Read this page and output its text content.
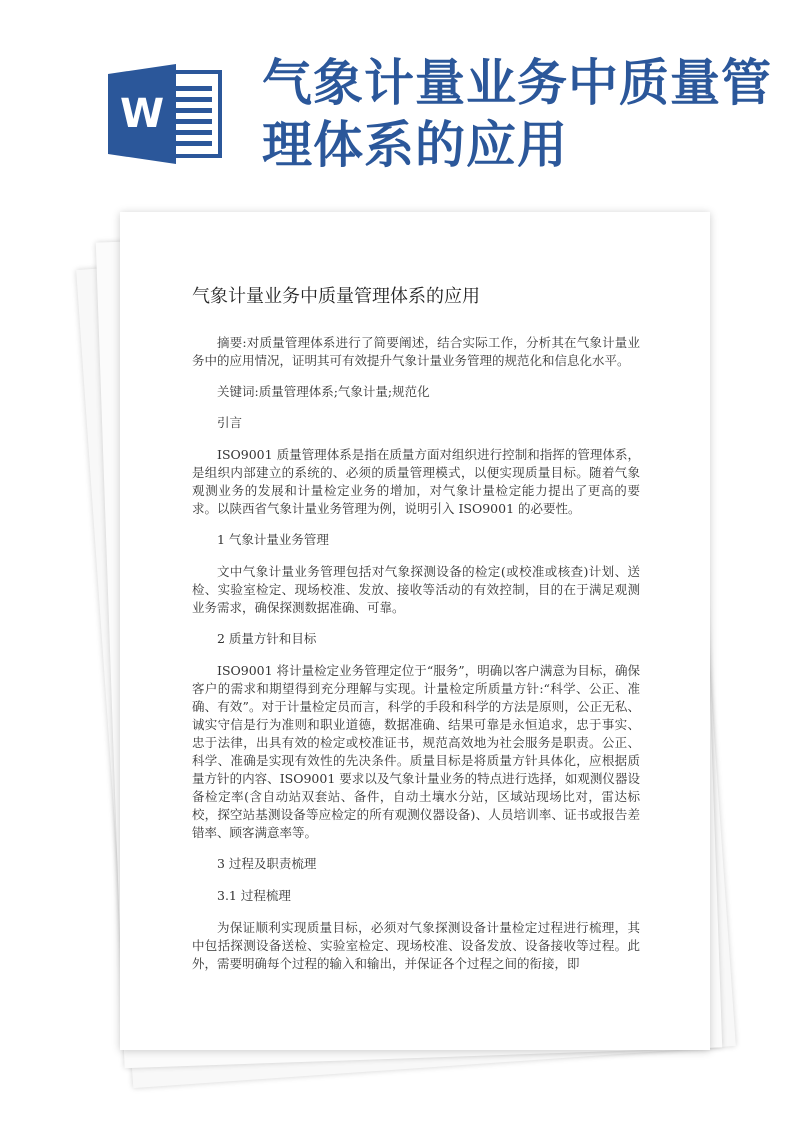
W
气象计量业务中质量管
理体系的应用
气象计量业务中质量管理体系的应用

摘要:对质量管理体系进行了简要阐述，结合实际工作，分析其在气象计量业务中的应用情况，证明其可有效提升气象计量业务管理的规范化和信息化水平。

关键词:质量管理体系;气象计量;规范化

引言

ISO9001 质量管理体系是指在质量方面对组织进行控制和指挥的管理体系，是组织内部建立的系统的、必须的质量管理模式，以便实现质量目标。随着气象观测业务的发展和计量检定业务的增加，对气象计量检定能力提出了更高的要求。以陕西省气象计量业务管理为例，说明引入 ISO9001 的必要性。

1 气象计量业务管理

文中气象计量业务管理包括对气象探测设备的检定(或校准或核查)计划、送检、实验室检定、现场校准、发放、接收等活动的有效控制，目的在于满足观测业务需求，确保探测数据准确、可靠。

2 质量方针和目标

ISO9001 将计量检定业务管理定位于“服务”，明确以客户满意为目标，确保客户的需求和期望得到充分理解与实现。计量检定所质量方针:“科学、公正、准确、有效”。对于计量检定员而言，科学的手段和科学的方法是原则，公正无私、诚实守信是行为准则和职业道德，数据准确、结果可靠是永恒追求，忠于事实、忠于法律，出具有效的检定或校准证书，规范高效地为社会服务是职责。公正、科学、准确是实现有效性的先决条件。质量目标是将质量方针具体化，应根据质量方针的内容、ISO9001 要求以及气象计量业务的特点进行选择，如观测仪器设备检定率(含自动站双套站、备件，自动土壤水分站，区域站现场比对，雷达标校，探空站基测设备等应检定的所有观测仪器设备)、人员培训率、证书或报告差错率、顾客满意率等。

3 过程及职责梳理

3.1 过程梳理

为保证顺利实现质量目标，必须对气象探测设备计量检定过程进行梳理，其中包括探测设备送检、实验室检定、现场校准、设备发放、设备接收等过程。此外，需要明确每个过程的输入和输出，并保证各个过程之间的衔接，即
